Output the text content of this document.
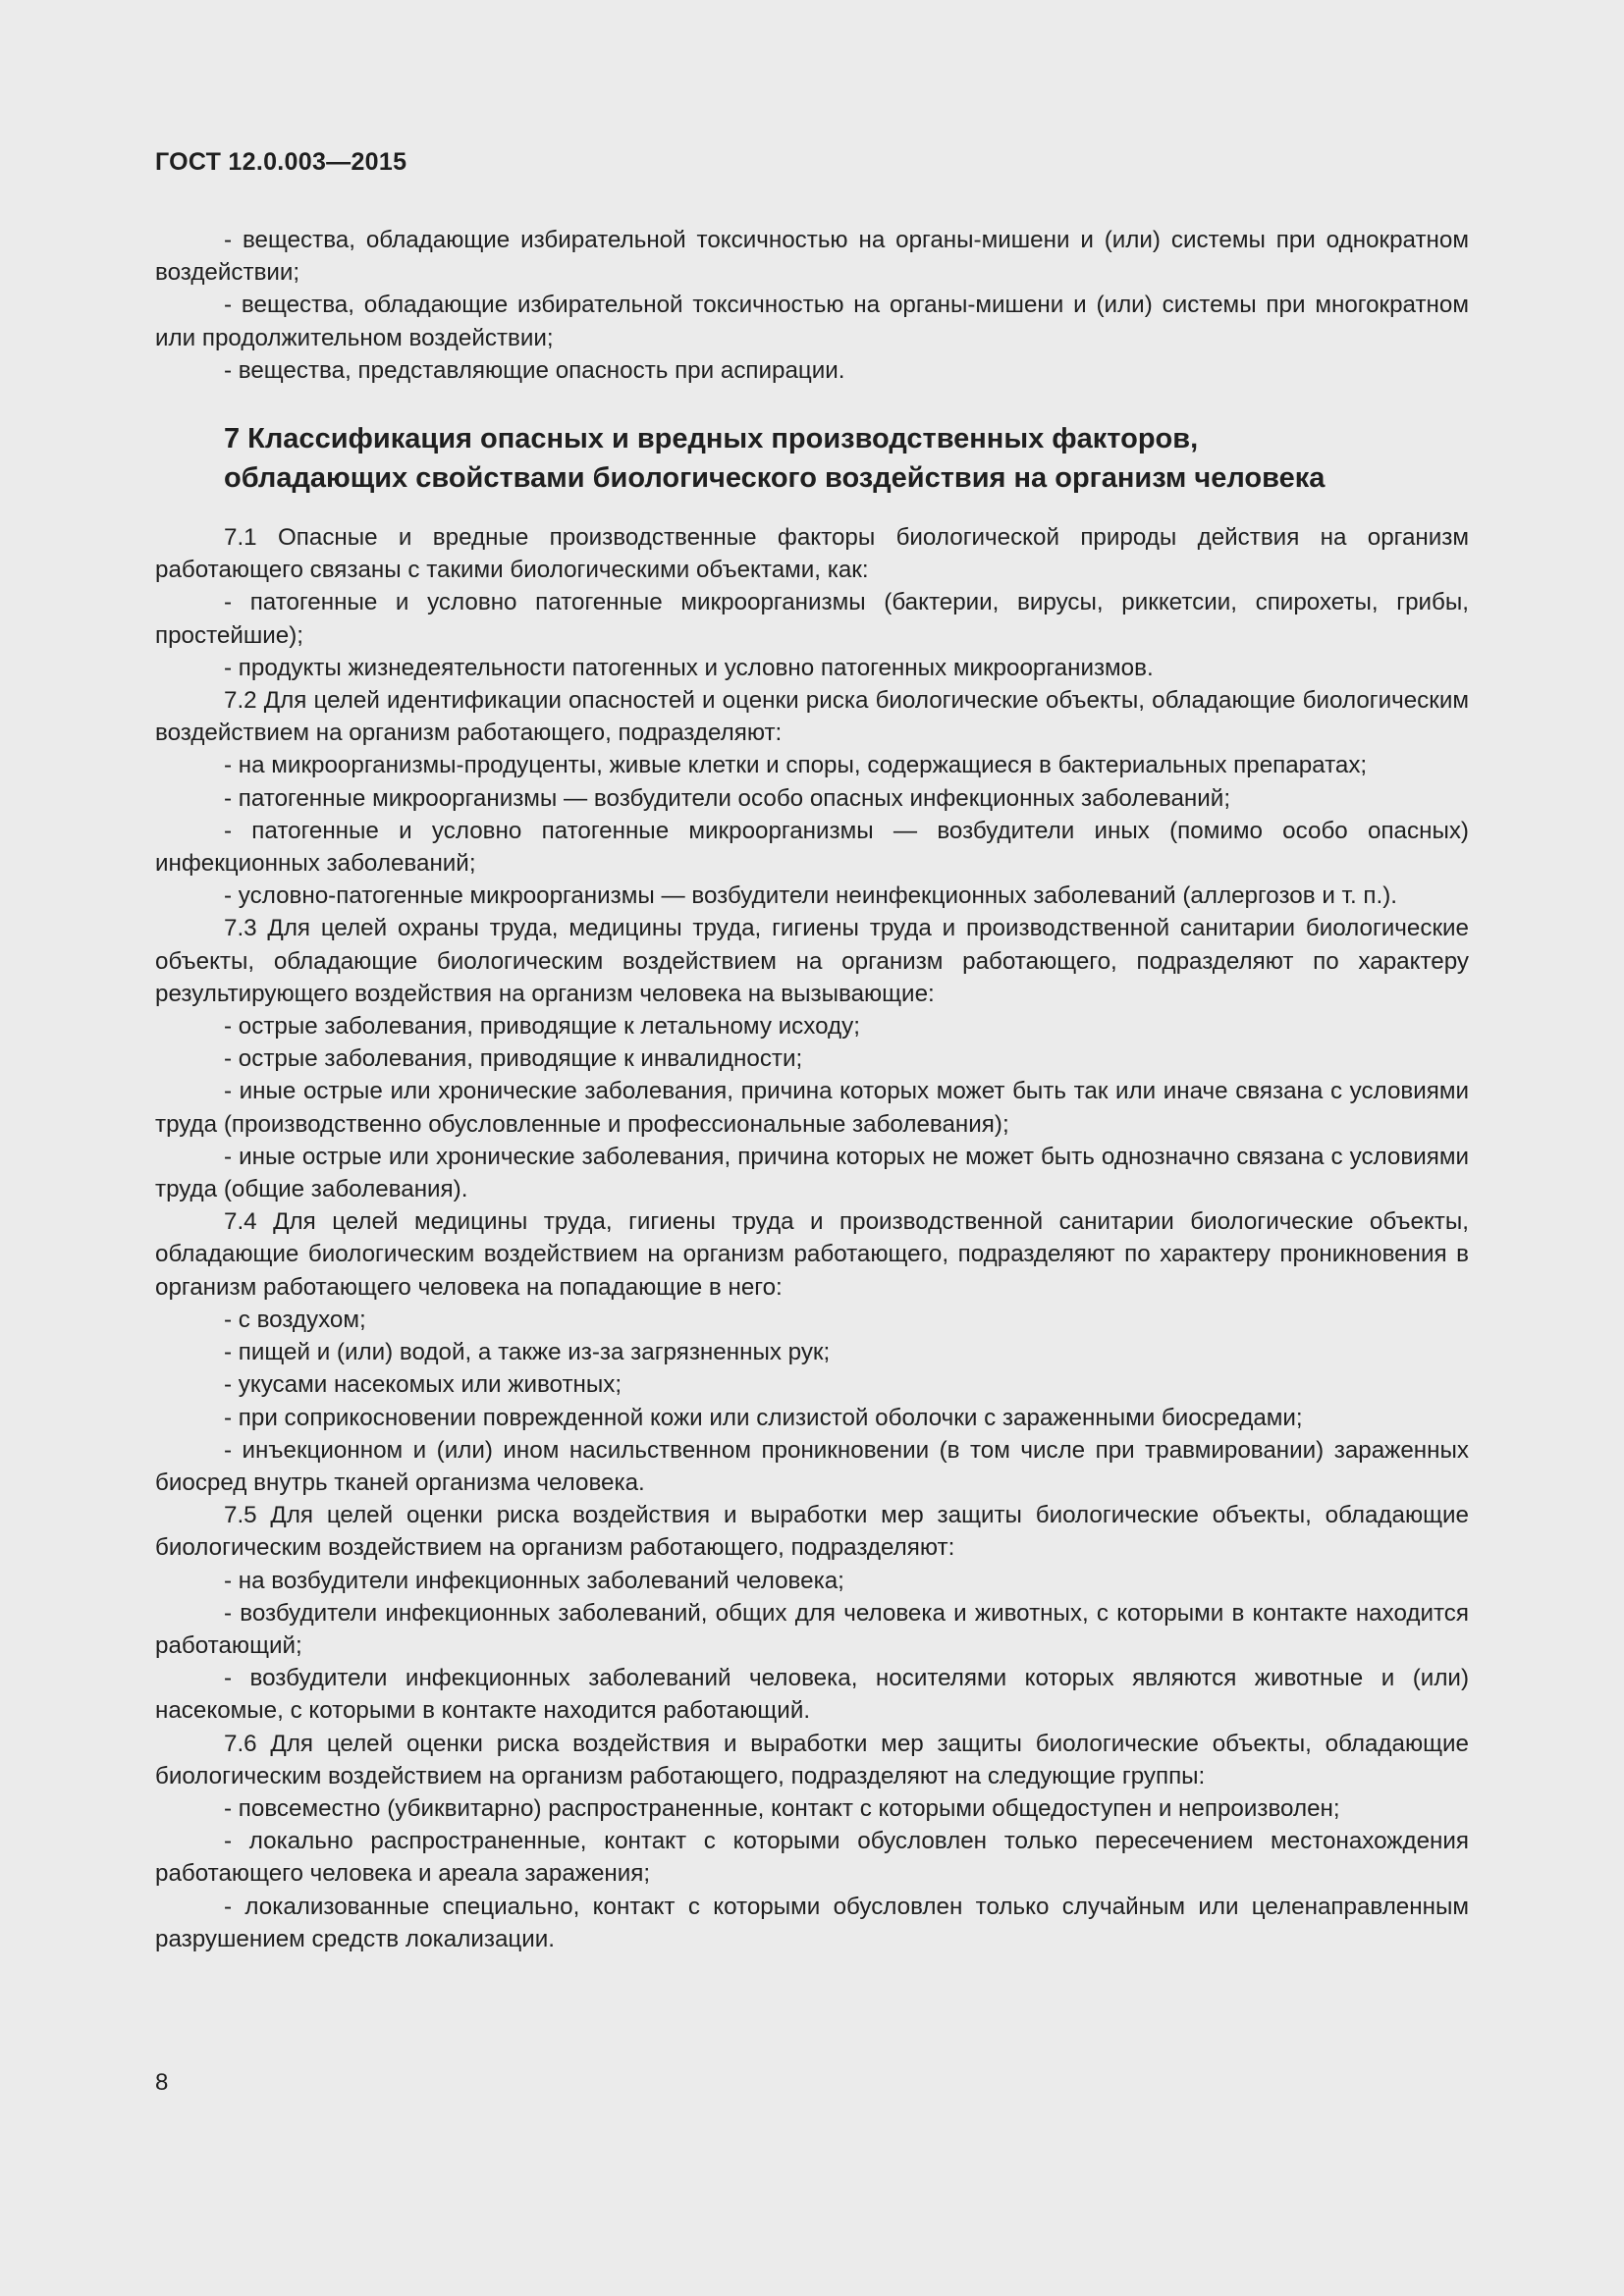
ГОСТ 12.0.003—2015

- вещества, обладающие избирательной токсичностью на органы-мишени и (или) системы при однократном воздействии;

- вещества, обладающие избирательной токсичностью на органы-мишени и (или) системы при многократном или продолжительном воздействии;

- вещества, представляющие опасность при аспирации.

7 Классификация опасных и вредных производственных факторов, обладающих свойствами биологического воздействия на организм человека

7.1 Опасные и вредные производственные факторы биологической природы действия на организм работающего связаны с такими биологическими объектами, как:

- патогенные и условно патогенные микроорганизмы (бактерии, вирусы, риккетсии, спирохеты, грибы, простейшие);

- продукты жизнедеятельности патогенных и условно патогенных микроорганизмов.

7.2 Для целей идентификации опасностей и оценки риска биологические объекты, обладающие биологическим воздействием на организм работающего, подразделяют:

- на микроорганизмы-продуценты, живые клетки и споры, содержащиеся в бактериальных препаратах;

- патогенные микроорганизмы — возбудители особо опасных инфекционных заболеваний;

- патогенные и условно патогенные микроорганизмы — возбудители иных (помимо особо опасных) инфекционных заболеваний;

- условно-патогенные микроорганизмы — возбудители неинфекционных заболеваний (аллергозов и т. п.).

7.3 Для целей охраны труда, медицины труда, гигиены труда и производственной санитарии биологические объекты, обладающие биологическим воздействием на организм работающего, подразделяют по характеру результирующего воздействия на организм человека на вызывающие:

- острые заболевания, приводящие к летальному исходу;

- острые заболевания, приводящие к инвалидности;

- иные острые или хронические заболевания, причина которых может быть так или иначе связана с условиями труда (производственно обусловленные и профессиональные заболевания);

- иные острые или хронические заболевания, причина которых не может быть однозначно связана с условиями труда (общие заболевания).

7.4 Для целей медицины труда, гигиены труда и производственной санитарии биологические объекты, обладающие биологическим воздействием на организм работающего, подразделяют по характеру проникновения в организм работающего человека на попадающие в него:

- с воздухом;

- пищей и (или) водой, а также из-за загрязненных рук;

- укусами насекомых или животных;

- при соприкосновении поврежденной кожи или слизистой оболочки с зараженными биосредами;

- инъекционном и (или) ином насильственном проникновении (в том числе при травмировании) зараженных биосред внутрь тканей организма человека.

7.5 Для целей оценки риска воздействия и выработки мер защиты биологические объекты, обладающие биологическим воздействием на организм работающего, подразделяют:

- на возбудители инфекционных заболеваний человека;

- возбудители инфекционных заболеваний, общих для человека и животных, с которыми в контакте находится работающий;

- возбудители инфекционных заболеваний человека, носителями которых являются животные и (или) насекомые, с которыми в контакте находится работающий.

7.6 Для целей оценки риска воздействия и выработки мер защиты биологические объекты, обладающие биологическим воздействием на организм работающего, подразделяют на следующие группы:

- повсеместно (убиквитарно) распространенные, контакт с которыми общедоступен и непроизволен;

- локально распространенные, контакт с которыми обусловлен только пересечением местонахождения работающего человека и ареала заражения;

- локализованные специально, контакт с которыми обусловлен только случайным или целенаправленным разрушением средств локализации.

8
